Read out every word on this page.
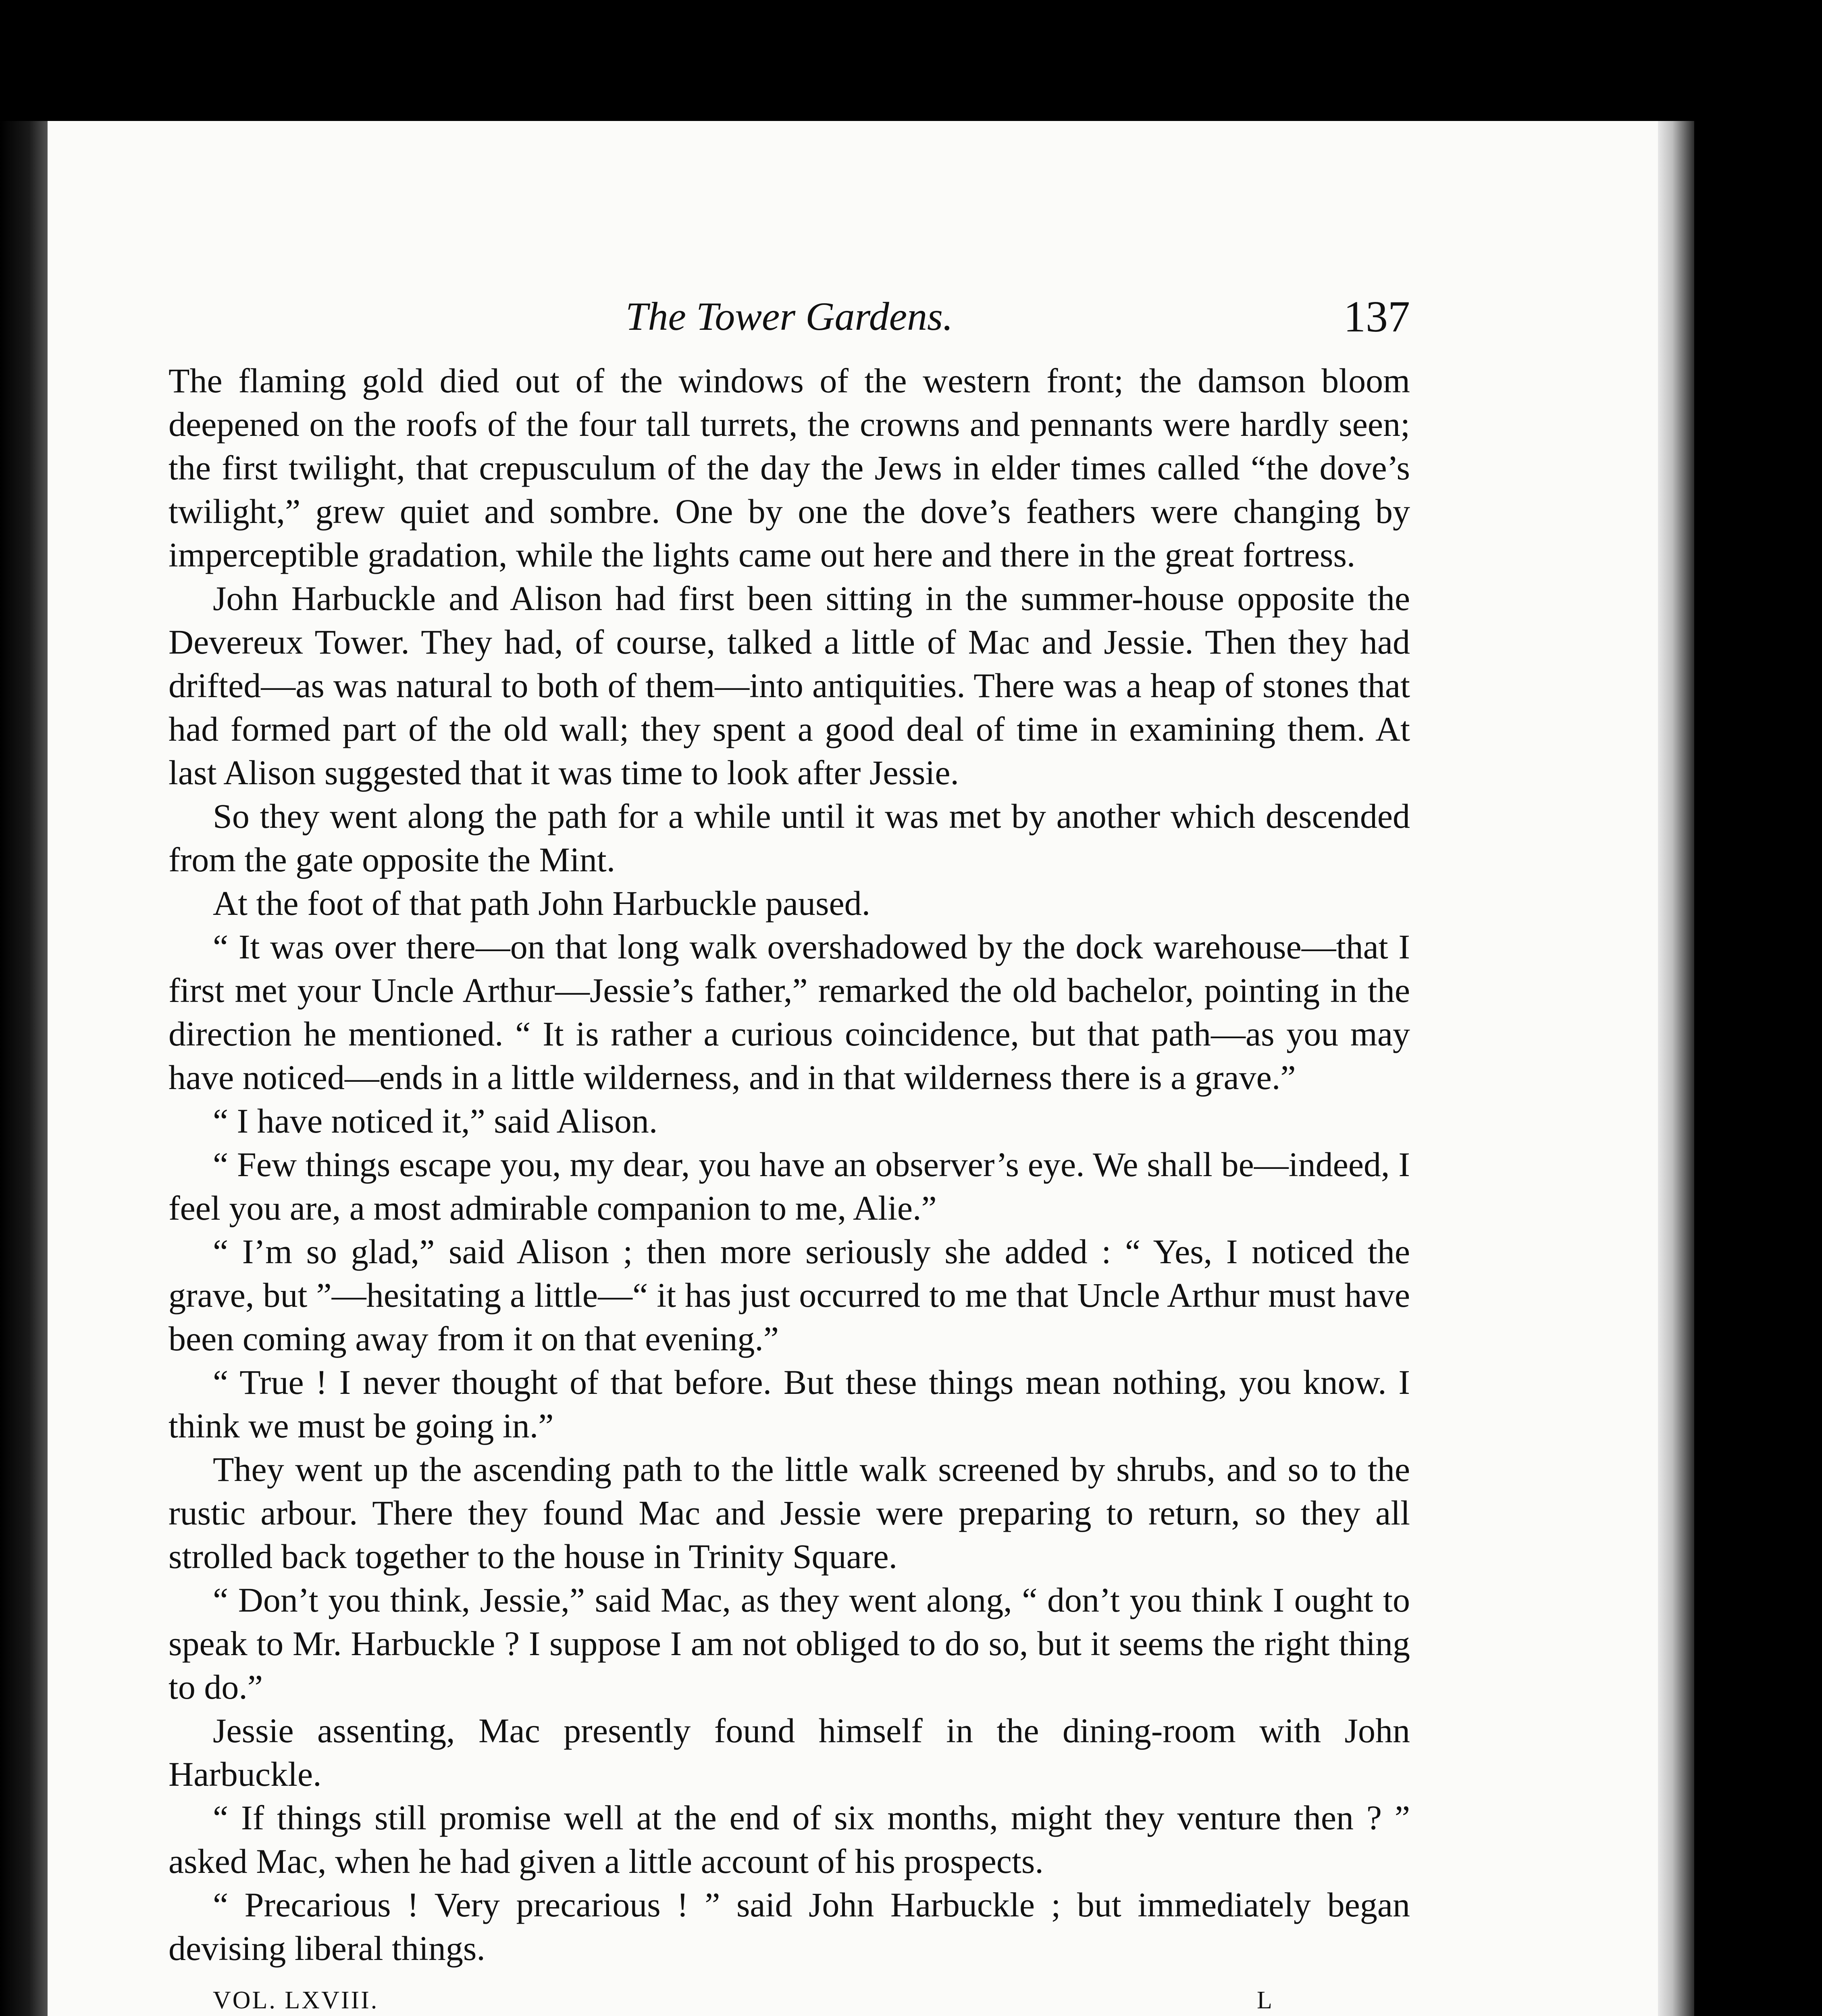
The Tower Gardens.	137

The flaming gold died out of the windows of the western front; the damson bloom deepened on the roofs of the four tall turrets, the crowns and pennants were hardly seen; the first twilight, that crepusculum of the day the Jews in elder times called “the dove’s twilight,” grew quiet and sombre. One by one the dove’s feathers were changing by imperceptible gradation, while the lights came out here and there in the great fortress.

John Harbuckle and Alison had first been sitting in the summer-house opposite the Devereux Tower. They had, of course, talked a little of Mac and Jessie. Then they had drifted—as was natural to both of them—into antiquities. There was a heap of stones that had formed part of the old wall; they spent a good deal of time in examining them. At last Alison suggested that it was time to look after Jessie.

So they went along the path for a while until it was met by another which descended from the gate opposite the Mint.

At the foot of that path John Harbuckle paused.

“ It was over there—on that long walk overshadowed by the dock warehouse—that I first met your Uncle Arthur—Jessie’s father,” remarked the old bachelor, pointing in the direction he mentioned. “ It is rather a curious coincidence, but that path—as you may have noticed—ends in a little wilderness, and in that wilderness there is a grave.”

“ I have noticed it,” said Alison.

“ Few things escape you, my dear, you have an observer’s eye. We shall be—indeed, I feel you are, a most admirable companion to me, Alie.”

“ I’m so glad,” said Alison ; then more seriously she added : “ Yes, I noticed the grave, but ”—hesitating a little—“ it has just occurred to me that Uncle Arthur must have been coming away from it on that evening.”

“ True ! I never thought of that before. But these things mean nothing, you know. I think we must be going in.”

They went up the ascending path to the little walk screened by shrubs, and so to the rustic arbour. There they found Mac and Jessie were preparing to return, so they all strolled back together to the house in Trinity Square.

“ Don’t you think, Jessie,” said Mac, as they went along, “ don’t you think I ought to speak to Mr. Harbuckle ? I suppose I am not obliged to do so, but it seems the right thing to do.”

Jessie assenting, Mac presently found himself in the dining-room with John Harbuckle.

“ If things still promise well at the end of six months, might they venture then ? ” asked Mac, when he had given a little account of his prospects.

“ Precarious ! Very precarious ! ” said John Harbuckle ; but immediately began devising liberal things.

VOL. LXVIII.	L
